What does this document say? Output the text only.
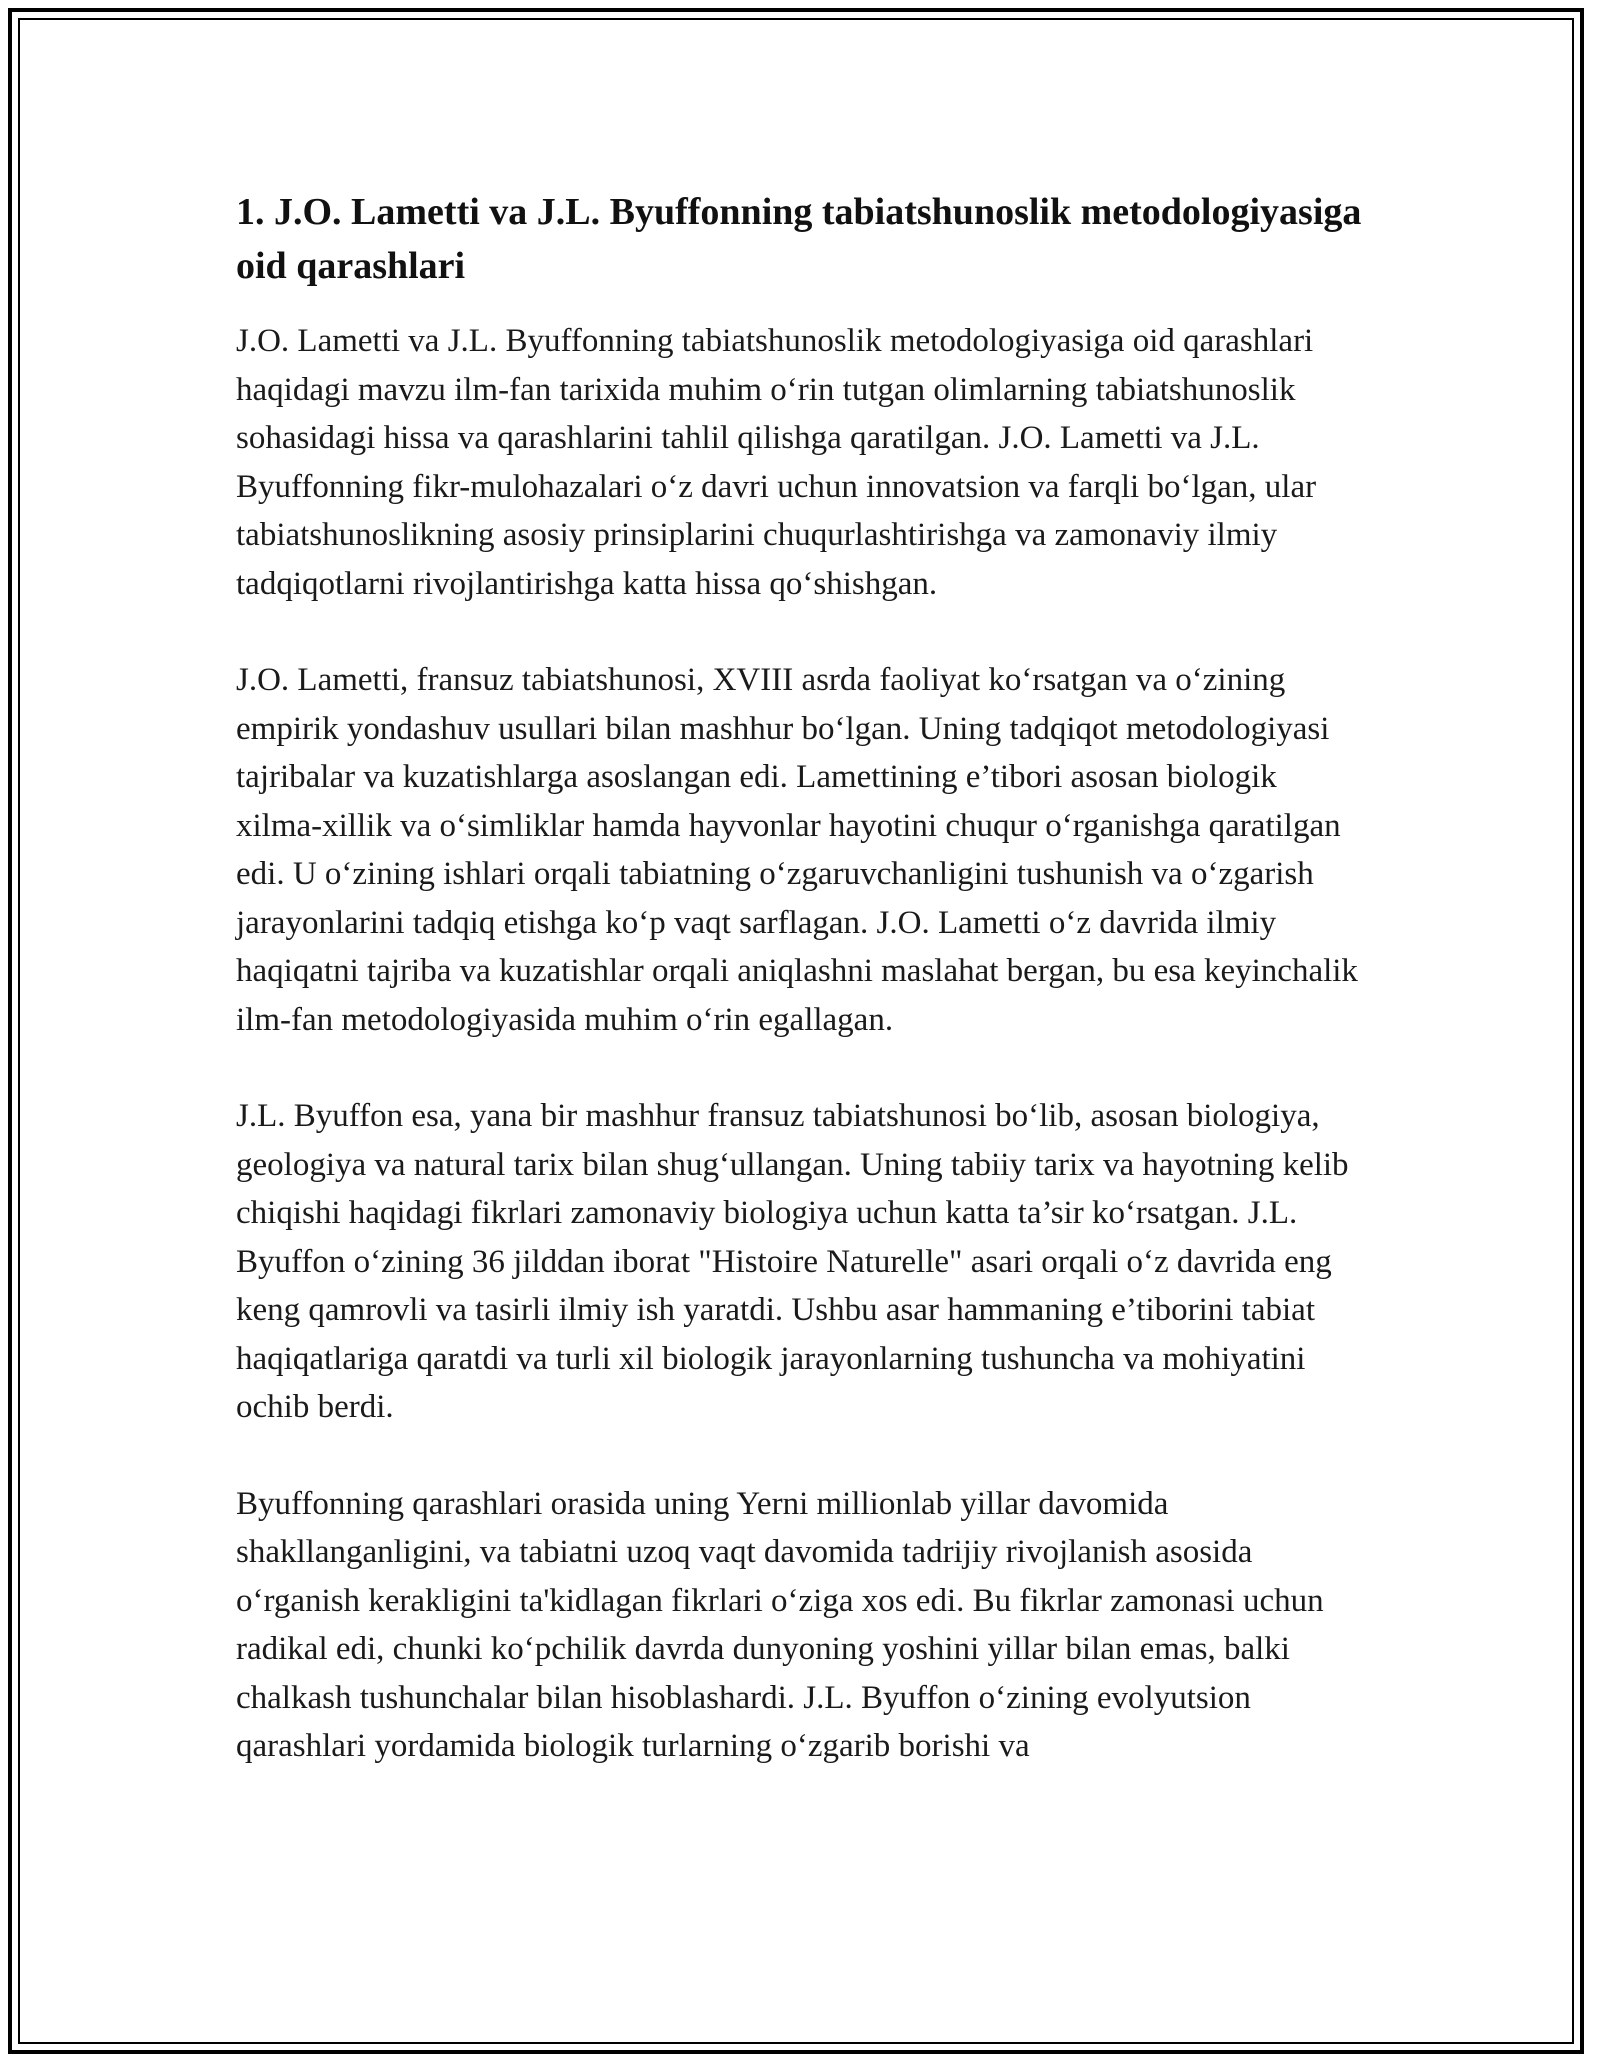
1. J.O. Lametti va J.L. Byuffonning tabiatshunoslik metodologiyasiga oid qarashlari

J.O. Lametti va J.L. Byuffonning tabiatshunoslik metodologiyasiga oid qarashlari haqidagi mavzu ilm-fan tarixida muhim o‘rin tutgan olimlarning tabiatshunoslik sohasidagi hissa va qarashlarini tahlil qilishga qaratilgan. J.O. Lametti va J.L. Byuffonning fikr-mulohazalari o‘z davri uchun innovatsion va farqli bo‘lgan, ular tabiatshunoslikning asosiy prinsiplarini chuqurlashtirishga va zamonaviy ilmiy tadqiqotlarni rivojlantirishga katta hissa qo‘shishgan.

J.O. Lametti, fransuz tabiatshunosi, XVIII asrda faoliyat ko‘rsatgan va o‘zining empirik yondashuv usullari bilan mashhur bo‘lgan. Uning tadqiqot metodologiyasi tajribalar va kuzatishlarga asoslangan edi. Lamettining e’tibori asosan biologik xilma-xillik va o‘simliklar hamda hayvonlar hayotini chuqur o‘rganishga qaratilgan edi. U o‘zining ishlari orqali tabiatning o‘zgaruvchanligini tushunish va o‘zgarish jarayonlarini tadqiq etishga ko‘p vaqt sarflagan. J.O. Lametti o‘z davrida ilmiy haqiqatni tajriba va kuzatishlar orqali aniqlashni maslahat bergan, bu esa keyinchalik ilm-fan metodologiyasida muhim o‘rin egallagan.

J.L. Byuffon esa, yana bir mashhur fransuz tabiatshunosi bo‘lib, asosan biologiya, geologiya va natural tarix bilan shug‘ullangan. Uning tabiiy tarix va hayotning kelib chiqishi haqidagi fikrlari zamonaviy biologiya uchun katta ta’sir ko‘rsatgan. J.L. Byuffon o‘zining 36 jilddan iborat "Histoire Naturelle" asari orqali o‘z davrida eng keng qamrovli va tasirli ilmiy ish yaratdi. Ushbu asar hammaning e’tiborini tabiat haqiqatlariga qaratdi va turli xil biologik jarayonlarning tushuncha va mohiyatini ochib berdi.

Byuffonning qarashlari orasida uning Yerni millionlab yillar davomida shakllanganligini, va tabiatni uzoq vaqt davomida tadrijiy rivojlanish asosida o‘rganish kerakligini ta'kidlagan fikrlari o‘ziga xos edi. Bu fikrlar zamonasi uchun radikal edi, chunki ko‘pchilik davrda dunyoning yoshini yillar bilan emas, balki chalkash tushunchalar bilan hisoblashardi. J.L. Byuffon o‘zining evolyutsion qarashlari yordamida biologik turlarning o‘zgarib borishi va
